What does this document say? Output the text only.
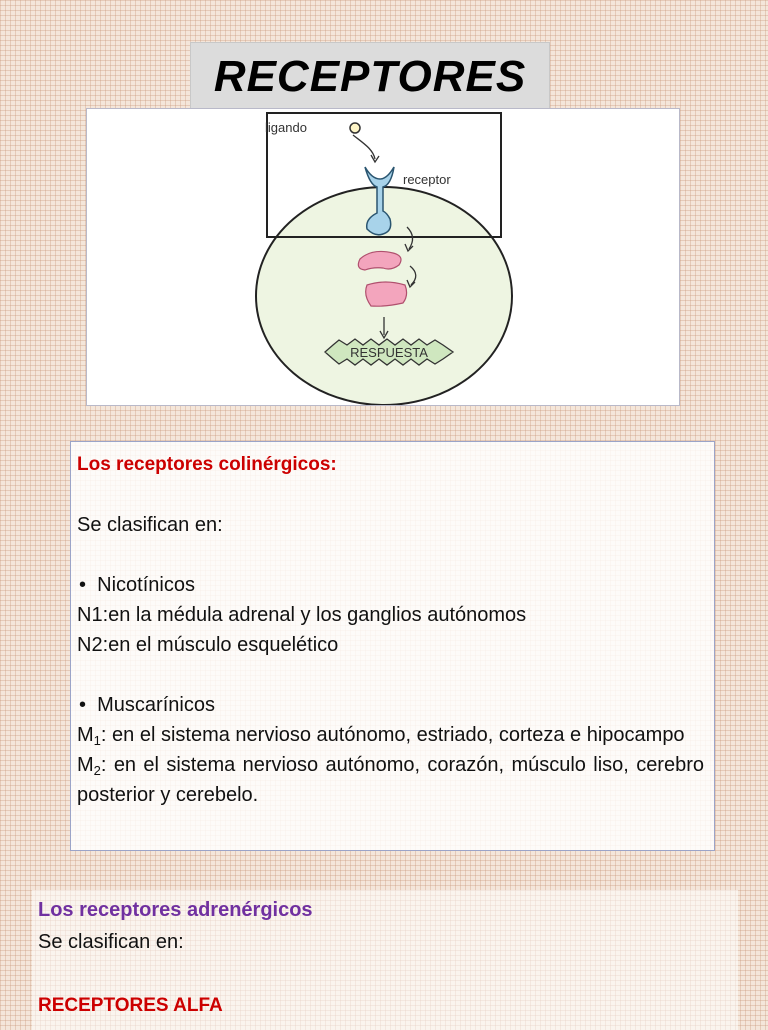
RECEPTORES
ligando
receptor
RESPUESTA

Los receptores colinérgicos:

Se clasifican en:

•  Nicotínicos

N1:en la médula adrenal y los ganglios autónomos

N2:en el músculo esquelético

•  Muscarínicos

$M_1$: en el sistema nervioso autónomo, estriado, corteza e hipocampo

$M_2$: en el sistema nervioso autónomo, corazón, músculo liso, cerebro posterior y cerebelo.

Los receptores adrenérgicos
Se clasifican en:
RECEPTORES ALFA
